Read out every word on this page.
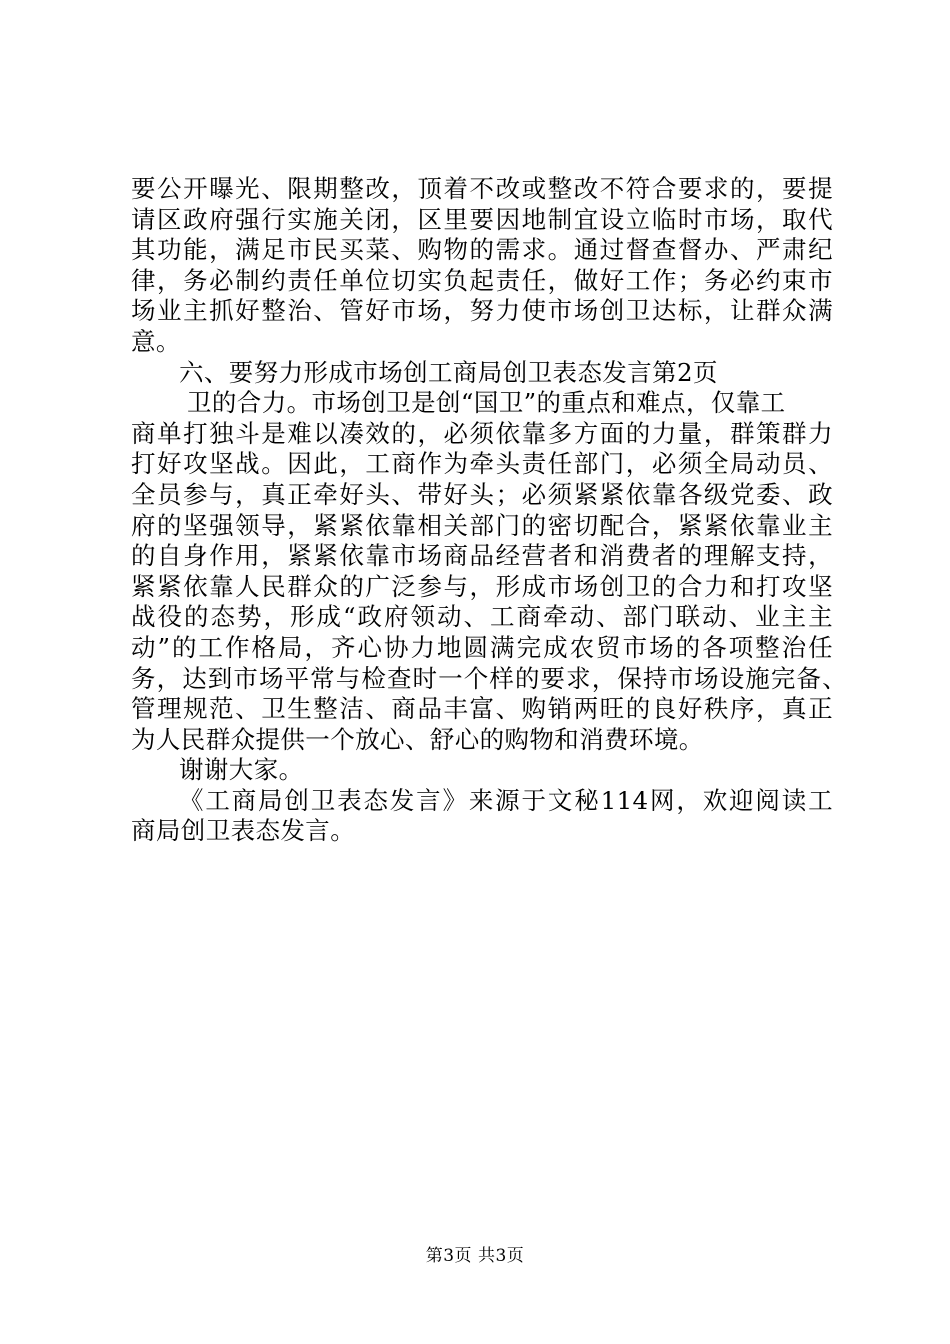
要公开曝光、限期整改，顶着不改或整改不符合要求的，要提
请区政府强行实施关闭，区里要因地制宜设立临时市场，取代
其功能，满足市民买菜、购物的需求。通过督查督办、严肃纪
律，务必制约责任单位切实负起责任，做好工作；务必约束市
场业主抓好整治、管好市场，努力使市场创卫达标，让群众满
意。
六、要努力形成市场创工商局创卫表态发言第2页
卫的合力。市场创卫是创“国卫”的重点和难点，仅靠工
商单打独斗是难以凑效的，必须依靠多方面的力量，群策群力
打好攻坚战。因此，工商作为牵头责任部门，必须全局动员、
全员参与，真正牵好头、带好头；必须紧紧依靠各级党委、政
府的坚强领导，紧紧依靠相关部门的密切配合，紧紧依靠业主
的自身作用，紧紧依靠市场商品经营者和消费者的理解支持，
紧紧依靠人民群众的广泛参与，形成市场创卫的合力和打攻坚
战役的态势，形成“政府领动、工商牵动、部门联动、业主主
动”的工作格局，齐心协力地圆满完成农贸市场的各项整治任
务，达到市场平常与检查时一个样的要求，保持市场设施完备、
管理规范、卫生整洁、商品丰富、购销两旺的良好秩序，真正
为人民群众提供一个放心、舒心的购物和消费环境。
谢谢大家。
《工商局创卫表态发言》来源于文秘114网，欢迎阅读工
商局创卫表态发言。
第3页 共3页
